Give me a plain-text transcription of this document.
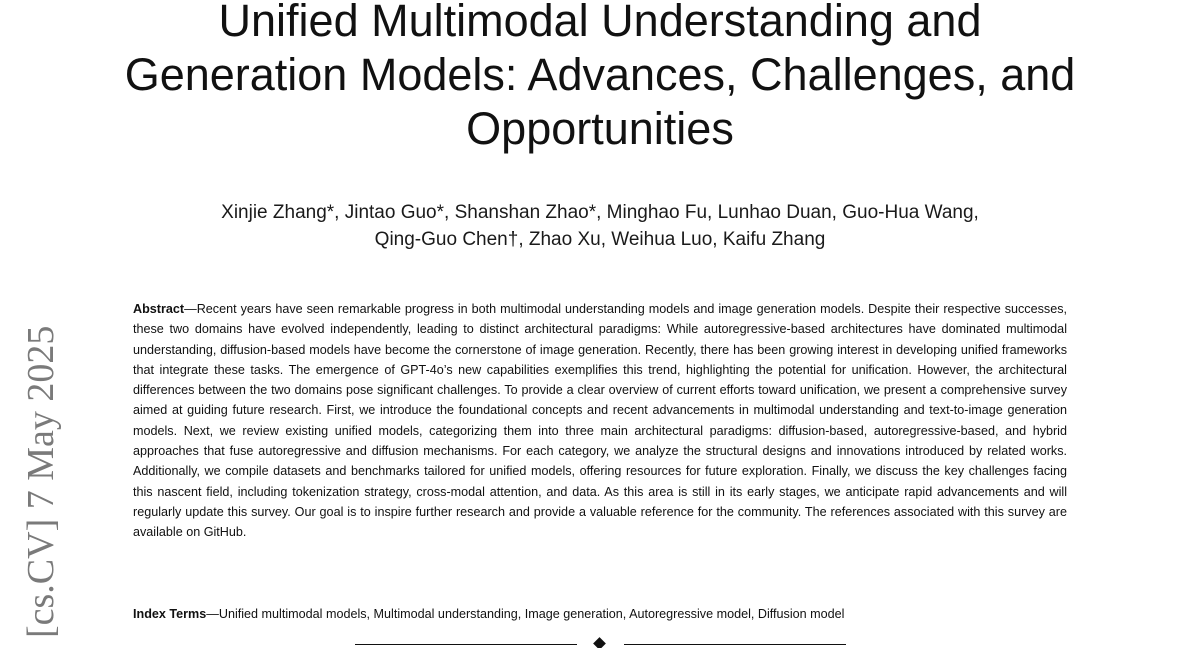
Unified Multimodal Understanding and
Generation Models: Advances, Challenges, and
Opportunities
Xinjie Zhang*, Jintao Guo*, Shanshan Zhao*, Minghao Fu, Lunhao Duan, Guo-Hua Wang,
Qing-Guo Chen†, Zhao Xu, Weihua Luo, Kaifu Zhang
[cs.CV] 7 May 2025

Abstract—Recent years have seen remarkable progress in both multimodal understanding models and image generation models. Despite their respective successes, these two domains have evolved independently, leading to distinct architectural paradigms: While autoregressive-based architectures have dominated multimodal understanding, diffusion-based models have become the cornerstone of image generation. Recently, there has been growing interest in developing unified frameworks that integrate these tasks. The emergence of GPT-4o’s new capabilities exemplifies this trend, highlighting the potential for unification. However, the architectural differences between the two domains pose significant challenges. To provide a clear overview of current efforts toward unification, we present a comprehensive survey aimed at guiding future research. First, we introduce the foundational concepts and recent advancements in multimodal understanding and text-to-image generation models. Next, we review existing unified models, categorizing them into three main architectural paradigms: diffusion-based, autoregressive-based, and hybrid approaches that fuse autoregressive and diffusion mechanisms. For each category, we analyze the structural designs and innovations introduced by related works. Additionally, we compile datasets and benchmarks tailored for unified models, offering resources for future exploration. Finally, we discuss the key challenges facing this nascent field, including tokenization strategy, cross-modal attention, and data. As this area is still in its early stages, we anticipate rapid advancements and will regularly update this survey. Our goal is to inspire further research and provide a valuable reference for the community. The references associated with this survey are available on GitHub.

Index Terms—Unified multimodal models, Multimodal understanding, Image generation, Autoregressive model, Diffusion model
